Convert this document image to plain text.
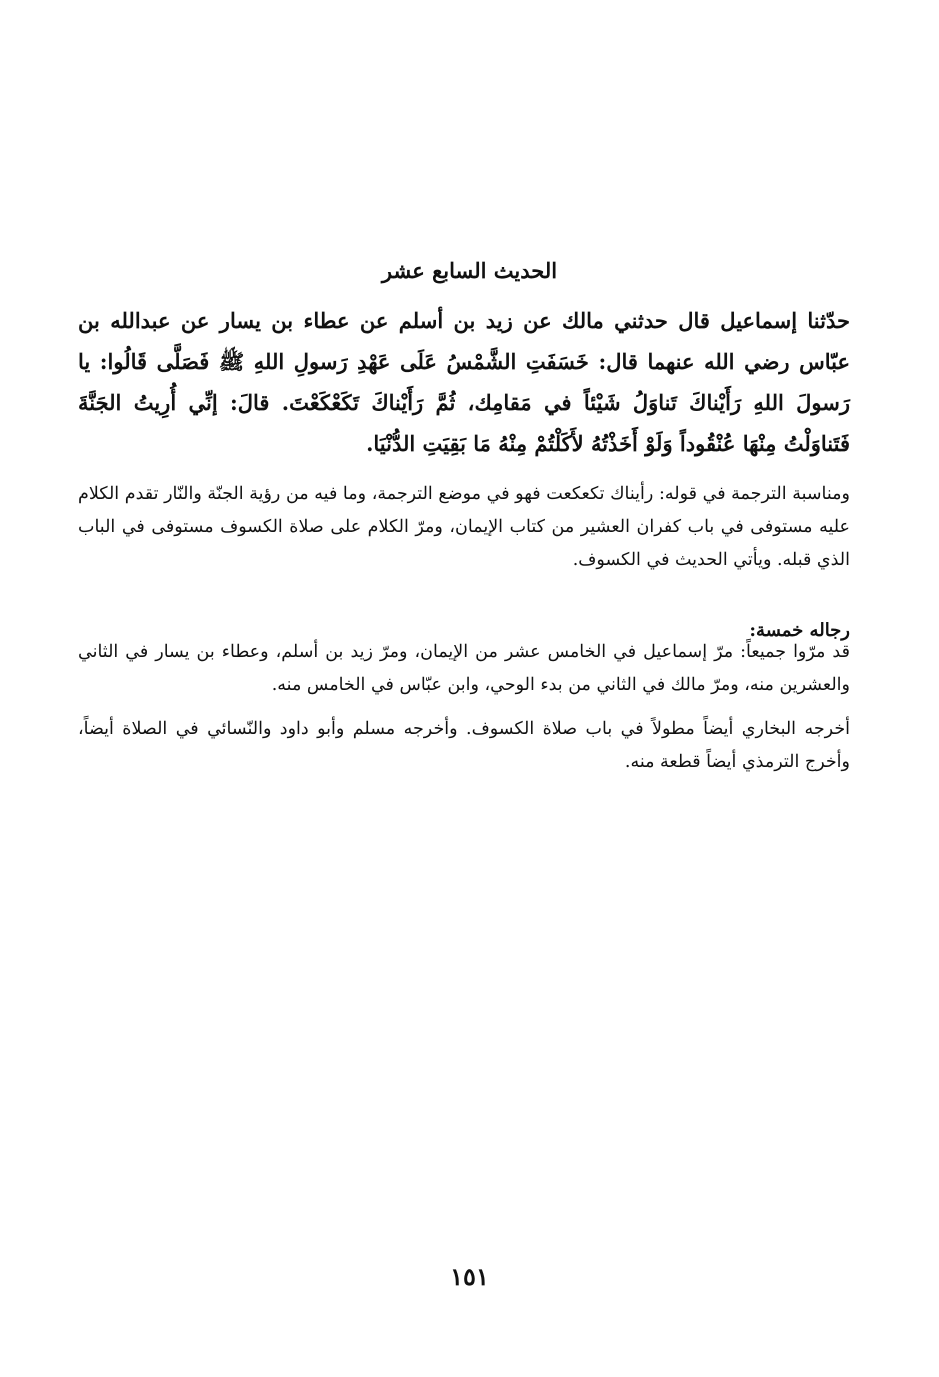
الحديث السابع عشر

حدّثنا إسماعيل قال حدثني مالك عن زيد بن أسلم عن عطاء بن يسار عن عبدالله بن عبّاس رضي الله عنهما قال: خَسَفَتِ الشَّمْسُ عَلَى عَهْدِ رَسولِ اللهِ ﷺ فَصَلَّى قَالُوا: يا رَسولَ اللهِ رَأَيْناكَ تَناوَلُ شَيْئاً في مَقامِك، ثُمَّ رَأَيْناكَ تَكَعْكَعْتَ. قالَ: إنِّي أُرِيتُ الجَنَّةَ فَتَناوَلْتُ مِنْهَا عُنْقُوداً وَلَوْ أَخَذْتُهُ لأَكَلْتُمْ مِنْهُ مَا بَقِيَتِ الدُّنْيَا.

ومناسبة الترجمة في قوله: رأيناك تكعكعت فهو في موضع الترجمة، وما فيه من رؤية الجنّة والنّار تقدم الكلام عليه مستوفى في باب كفران العشير من كتاب الإيمان، ومرّ الكلام على صلاة الكسوف مستوفى في الباب الذي قبله. ويأتي الحديث في الكسوف.

رجاله خمسة:

قد مرّوا جميعاً: مرّ إسماعيل في الخامس عشر من الإيمان، ومرّ زيد بن أسلم، وعطاء بن يسار في الثاني والعشرين منه، ومرّ مالك في الثاني من بدء الوحي، وابن عبّاس في الخامس منه.

أخرجه البخاري أيضاً مطولاً في باب صلاة الكسوف. وأخرجه مسلم وأبو داود والنّسائي في الصلاة أيضاً، وأخرج الترمذي أيضاً قطعة منه.

١٥١
